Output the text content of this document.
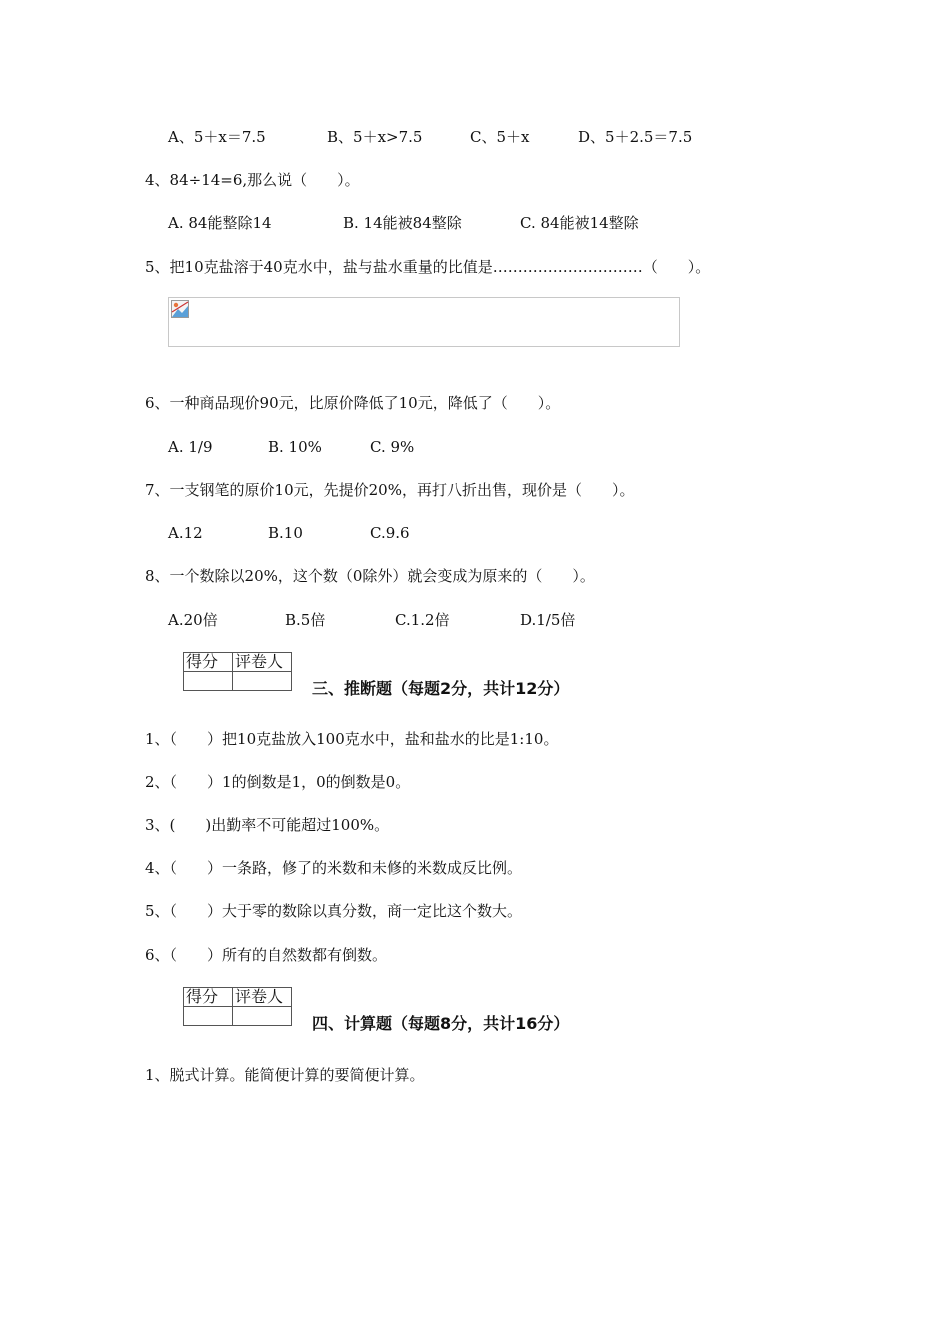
A、5＋x＝7.5	B、5＋x>7.5	C、5＋x	D、5＋2.5＝7.5
4、84÷14=6,那么说（　　）。
A. 84能整除14	B. 14能被84整除	C. 84能被14整除
5、把10克盐溶于40克水中，盐与盐水重量的比值是…………………………（　　）。
6、一种商品现价90元，比原价降低了10元，降低了（　　）。
A. 1/9	B. 10%	C. 9%
7、一支钢笔的原价10元，先提价20%，再打八折出售，现价是（　　）。
A.12	B.10	C.9.6
8、一个数除以20%，这个数（0除外）就会变成为原来的（　　）。
A.20倍	B.5倍	C.1.2倍	D.1/5倍
得分	评卷人

三、推断题（每题2分，共计12分）
1、（　　）把10克盐放入100克水中，盐和盐水的比是1:10。
2、（　　）1的倒数是1，0的倒数是0。
3、(　　)出勤率不可能超过100%。
4、（　　）一条路，修了的米数和未修的米数成反比例。
5、（　　）大于零的数除以真分数，商一定比这个数大。
6、（　　）所有的自然数都有倒数。
得分	评卷人

四、计算题（每题8分，共计16分）
1、脱式计算。能简便计算的要简便计算。
